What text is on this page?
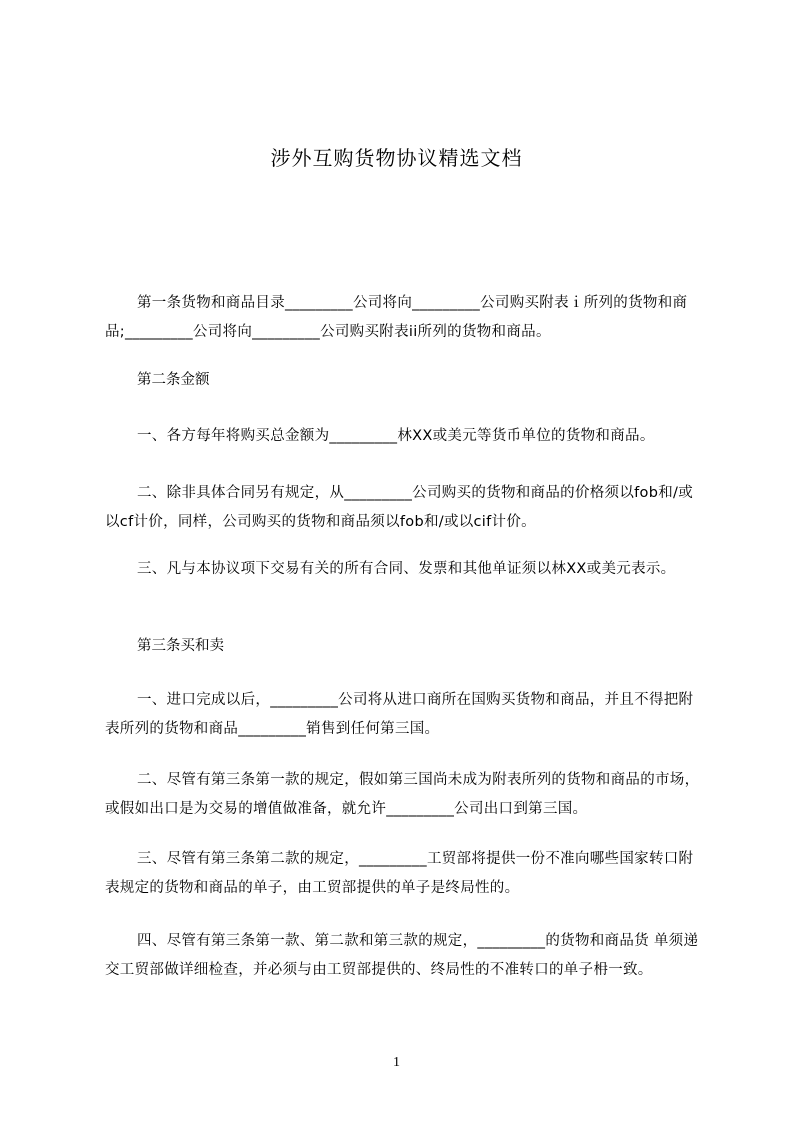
涉外互购货物协议精选文档
第一条货物和商品目录_________公司将向_________公司购买附表ｉ所列的货物和商品;_________公司将向_________公司购买附表ii所列的货物和商品。
第二条金额
一、各方每年将购买总金额为_________林XX或美元等货币单位的货物和商品。
二、除非具体合同另有规定，从_________公司购买的货物和商品的价格须以fob和/或以cf计价，同样，公司购买的货物和商品须以fob和/或以cif计价。
三、凡与本协议项下交易有关的所有合同、发票和其他单证须以林XX或美元表示。
第三条买和卖
一、进口完成以后，_________公司将从进口商所在国购买货物和商品，并且不得把附表所列的货物和商品_________销售到任何第三国。
二、尽管有第三条第一款的规定，假如第三国尚未成为附表所列的货物和商品的市场，或假如出口是为交易的增值做准备，就允许_________公司出口到第三国。
三、尽管有第三条第二款的规定，_________工贸部将提供一份不准向哪些国家转口附表规定的货物和商品的单子，由工贸部提供的单子是终局性的。
四、尽管有第三条第一款、第二款和第三款的规定，_________的货物和商品货 单须递交工贸部做详细检查，并必须与由工贸部提供的、终局性的不准转口的单子枏一致。
1
